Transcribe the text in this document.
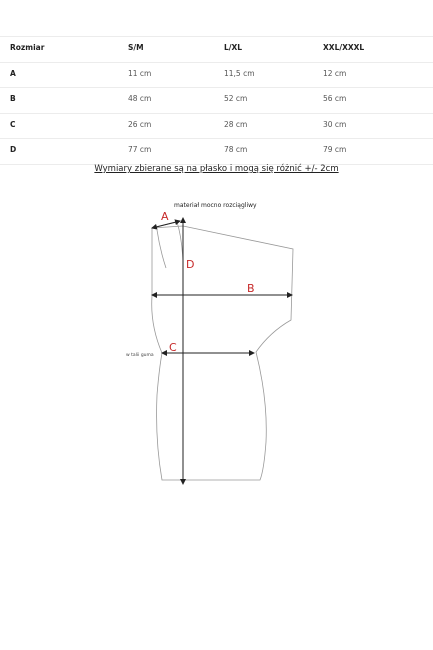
Rozmiar	S/M	L/XL	XXL/XXXL
A	11 cm	11,5 cm	12 cm
B	48 cm	52 cm	56 cm
C	26 cm	28 cm	30 cm
D	77 cm	78 cm	79 cm
Wymiary zbierane są na płasko i mogą się różnić +/- 2cm
A
D
B
C
materiał mocno rozciągliwy
w talii guma
